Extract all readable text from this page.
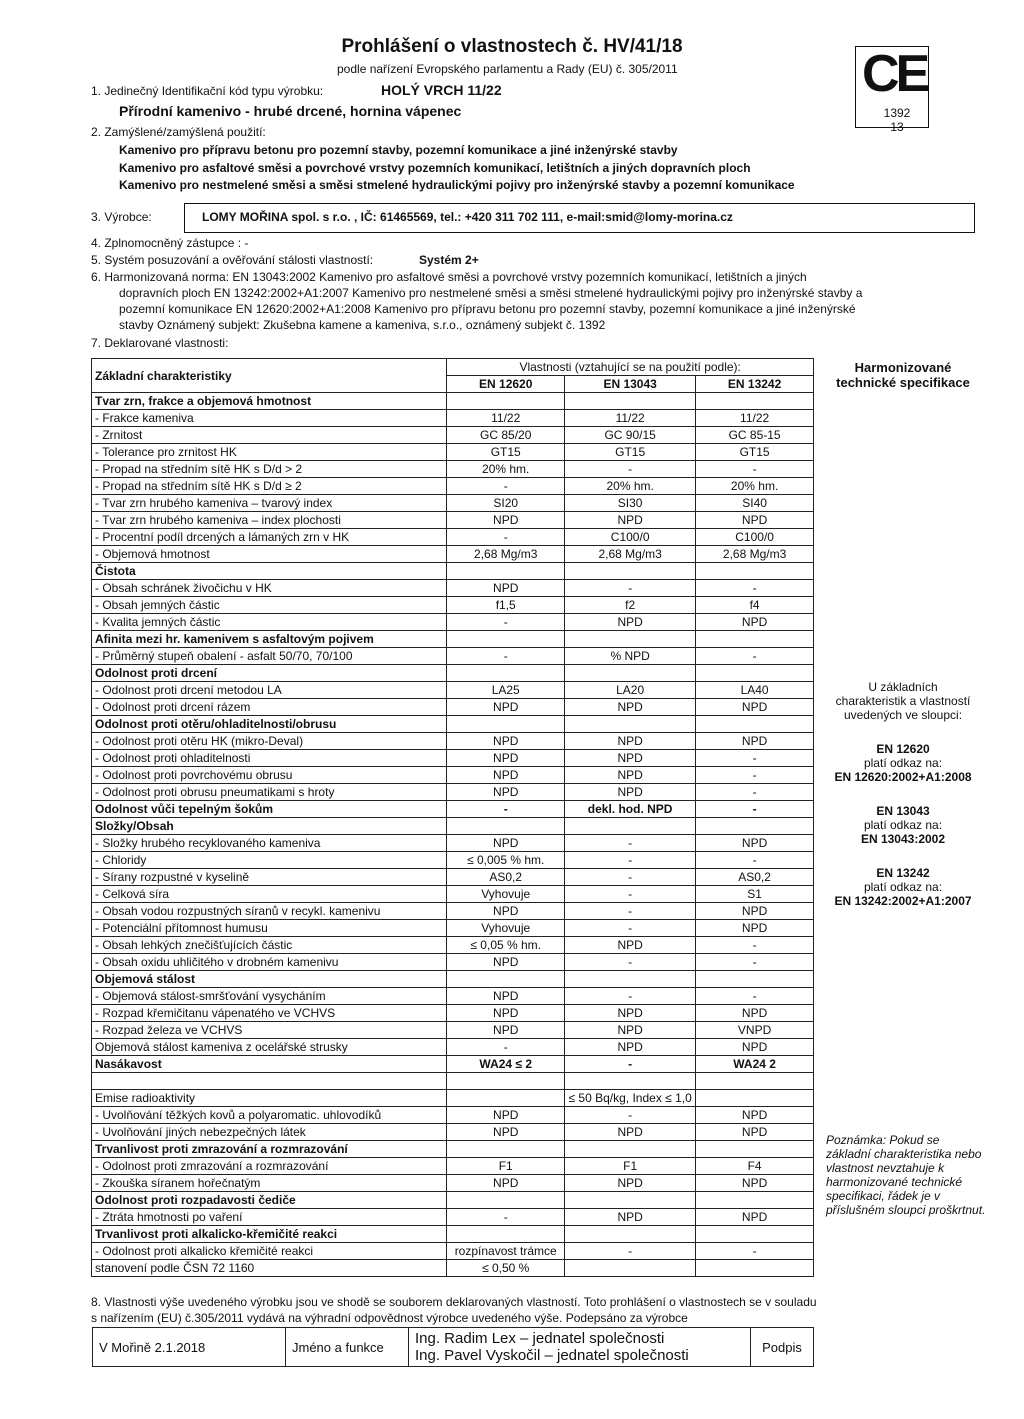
Prohlášení o vlastnostech č. HV/41/18
podle nařízení Evropského parlamentu a Rady (EU) č. 305/2011	CE
1392
13
1. Jedinečný Identifikační kód typu výrobku:	HOLÝ VRCH 11/22
Přírodní kamenivo - hrubé drcené, hornina vápenec
2. Zamýšlené/zamýšlená použití:
Kamenivo pro přípravu betonu pro pozemní stavby, pozemní komunikace a jiné inženýrské stavby
Kamenivo pro asfaltové směsi a povrchové vrstvy pozemních komunikací, letištních a jiných dopravních ploch
Kamenivo pro nestmelené směsi a směsi stmelené hydraulickými pojivy pro inženýrské stavby a pozemní komunikace
3. Výrobce:	LOMY MOŘINA spol. s r.o. , IČ: 61465569, tel.: +420 311 702 111, e-mail:smid@lomy-morina.cz
4. Zplnomocněný zástupce : -
5. Systém posuzování a ověřování stálosti vlastností:	Systém 2+
6. Harmonizovaná norma: EN 13043:2002 Kamenivo pro asfaltové směsi a povrchové vrstvy pozemních komunikací, letištních a jiných
dopravních ploch EN 13242:2002+A1:2007 Kamenivo pro nestmelené směsi a směsi stmelené hydraulickými pojivy pro inženýrské stavby a
pozemní komunikace EN 12620:2002+A1:2008 Kamenivo pro přípravu betonu pro pozemní stavby, pozemní komunikace a jiné inženýrské
stavby Oznámený subjekt: Zkušebna kamene a kameniva, s.r.o., oznámený subjekt č. 1392
7. Deklarované vlastnosti:
Základní charakteristiky	Vlastnosti (vztahující se na použití podle):		
	EN 12620	EN 13043	EN 13242
Tvar zrn, frakce a objemová hmotnost			
- Frakce kameniva	11/22	11/22	11/22
- Zrnitost	GC 85/20	GC 90/15	GC 85-15
- Tolerance pro zrnitost HK	GT15	GT15	GT15
- Propad na středním sítě HK s D/d > 2	20% hm.	-	-
- Propad na středním sítě HK s D/d ≥ 2	-	20% hm.	20% hm.
- Tvar zrn hrubého kameniva – tvarový index	SI20	SI30	SI40
- Tvar zrn hrubého kameniva – index plochosti	NPD	NPD	NPD
- Procentní podíl drcených a lámaných zrn v HK	-	C100/0	C100/0
- Objemová hmotnost	2,68 Mg/m3	2,68 Mg/m3	2,68 Mg/m3
Čistota			
- Obsah schránek živočichu v HK	NPD	-	-
- Obsah jemných částic	f1,5	f2	f4
- Kvalita jemných částic	-	NPD	NPD
Afinita mezi hr. kamenivem s asfaltovým pojivem			
- Průměrný stupeň obalení - asfalt 50/70, 70/100	-	% NPD	-
Odolnost proti drcení			
- Odolnost proti drcení metodou LA	LA25	LA20	LA40
- Odolnost proti drcení rázem	NPD	NPD	NPD
Odolnost proti otěru/ohladitelnosti/obrusu			
- Odolnost proti otěru HK (mikro-Deval)	NPD	NPD	NPD
- Odolnost proti ohladitelnosti	NPD	NPD	-
- Odolnost proti povrchovému obrusu	NPD	NPD	-
- Odolnost proti obrusu pneumatikami s hroty	NPD	NPD	-
Odolnost vůči tepelným šokům	-	dekl. hod. NPD	-
Složky/Obsah			
- Složky hrubého recyklovaného kameniva	NPD	-	NPD
- Chloridy	≤ 0,005 % hm.	-	-
- Sírany rozpustné v kyselině	AS0,2	-	AS0,2
- Celková síra	Vyhovuje	-	S1
- Obsah vodou rozpustných síranů v recykl. kamenivu	NPD	-	NPD
- Potenciální přítomnost humusu	Vyhovuje	-	NPD
- Obsah lehkých znečišťujících částic	≤ 0,05 % hm.	NPD	-
- Obsah oxidu uhličitého v drobném kamenivu	NPD	-	-
Objemová stálost			
- Objemová stálost-smršťování vysycháním	NPD	-	-
- Rozpad křemičitanu vápenatého ve VCHVS	NPD	NPD	NPD
- Rozpad železa ve VCHVS	NPD	NPD	VNPD
Objemová stálost kameniva z ocelářské strusky	-	NPD	NPD
Nasákavost	WA24 ≤ 2	-	WA24 2

Emise radioaktivity		≤ 50 Bq/kg, Index ≤ 1,0	
- Uvolňování těžkých kovů a polyaromatic. uhlovodíků	NPD	-	NPD
- Uvolňování jiných nebezpečných látek	NPD	NPD	NPD
Trvanlivost proti zmrazování a rozmrazování			
- Odolnost proti zmrazování a rozmrazování	F1	F1	F4
- Zkouška síranem hořečnatým	NPD	NPD	NPD
Odolnost proti rozpadavosti čediče			
- Ztráta hmotnosti po vaření	-	NPD	NPD
Trvanlivost proti alkalicko-křemičité reakci			
- Odolnost proti alkalicko křemičité reakci	rozpínavost trámce	-	-
stanovení podle ČSN 72 1160	≤ 0,50 %		
Harmonizované
technické specifikace
U základních
charakteristik a vlastností
uvedených ve sloupci:
EN 12620
platí odkaz na:
EN 12620:2002+A1:2008
EN 13043
platí odkaz na:
EN 13043:2002
EN 13242
platí odkaz na:
EN 13242:2002+A1:2007
Poznámka: Pokud se základní charakteristika nebo vlastnost nevztahuje k harmonizované technické specifikaci, řádek je v příslušném sloupci proškrtnut.
8. Vlastnosti výše uvedeného výrobku jsou ve shodě se souborem deklarovaných vlastností. Toto prohlášení o vlastnostech se v souladu
s nařízením (EU) č.305/2011 vydává na výhradní odpovědnost výrobce uvedeného výše. Podepsáno za výrobce
V Mořině 2.1.2018	Jméno a funkce	Ing. Radim Lex – jednatel společnosti
Ing. Pavel Vyskočil – jednatel společnosti	Podpis
